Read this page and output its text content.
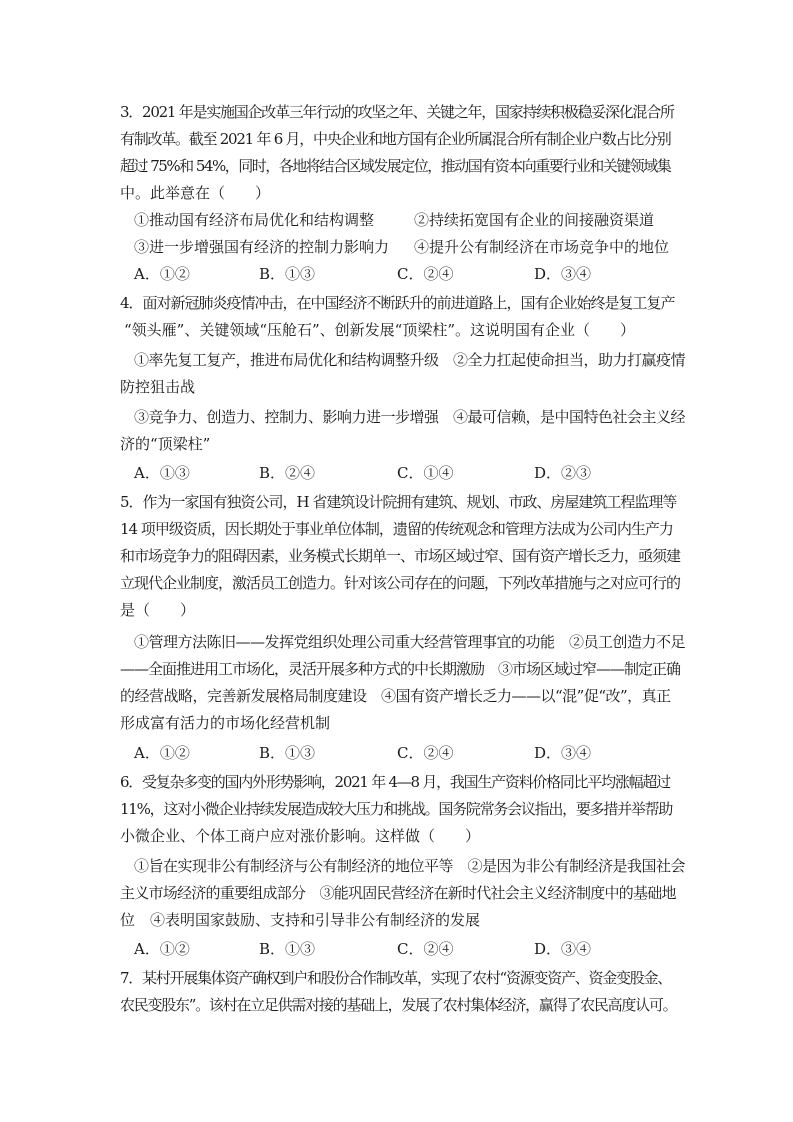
3．2021 年是实施国企改革三年行动的攻坚之年、关键之年，国家持续积极稳妥深化混合所
有制改革。截至 2021 年 6 月，中央企业和地方国有企业所属混合所有制企业户数占比分别
超过 75%和 54%，同时，各地将结合区域发展定位，推动国有资本向重要行业和关键领域集
中。此举意在（　　）
①推动国有经济布局优化和结构调整	②持续拓宽国有企业的间接融资渠道
③进一步增强国有经济的控制力影响力 ④提升公有制经济在市场竞争中的地位
A．①②	B．①③	C．②④	D．③④
4．面对新冠肺炎疫情冲击，在中国经济不断跃升的前进道路上，国有企业始终是复工复产
“领头雁”、关键领域“压舱石”、创新发展“顶梁柱”。这说明国有企业（　　）
①率先复工复产，推进布局优化和结构调整升级　②全力扛起使命担当，助力打赢疫情
防控狙击战
③竞争力、创造力、控制力、影响力进一步增强　④最可信赖，是中国特色社会主义经
济的“顶梁柱”
A．①③	B．②④	C．①④	D．②③
5．作为一家国有独资公司，H 省建筑设计院拥有建筑、规划、市政、房屋建筑工程监理等
14 项甲级资质，因长期处于事业单位体制，遗留的传统观念和管理方法成为公司内生产力
和市场竞争力的阻碍因素，业务模式长期单一、市场区域过窄、国有资产增长乏力，亟须建
立现代企业制度，激活员工创造力。针对该公司存在的问题，下列改革措施与之对应可行的
是（　　）
①管理方法陈旧——发挥党组织处理公司重大经营管理事宜的功能　②员工创造力不足
——全面推进用工市场化，灵活开展多种方式的中长期激励　③市场区域过窄——制定正确
的经营战略，完善新发展格局制度建设　④国有资产增长乏力——以“混”促“改”，真正
形成富有活力的市场化经营机制
A．①②	B．①③	C．②④	D．③④
6．受复杂多变的国内外形势影响，2021 年 4—8 月，我国生产资料价格同比平均涨幅超过
11%，这对小微企业持续发展造成较大压力和挑战。国务院常务会议指出，要多措并举帮助
小微企业、个体工商户应对涨价影响。这样做（　　）
①旨在实现非公有制经济与公有制经济的地位平等　②是因为非公有制经济是我国社会
主义市场经济的重要组成部分　③能巩固民营经济在新时代社会主义经济制度中的基础地
位　④表明国家鼓励、支持和引导非公有制经济的发展
A．①②	B．①③	C．②④	D．③④
7．某村开展集体资产确权到户和股份合作制改革，实现了农村“资源变资产、资金变股金、
农民变股东”。该村在立足供需对接的基础上，发展了农村集体经济，赢得了农民高度认可。
